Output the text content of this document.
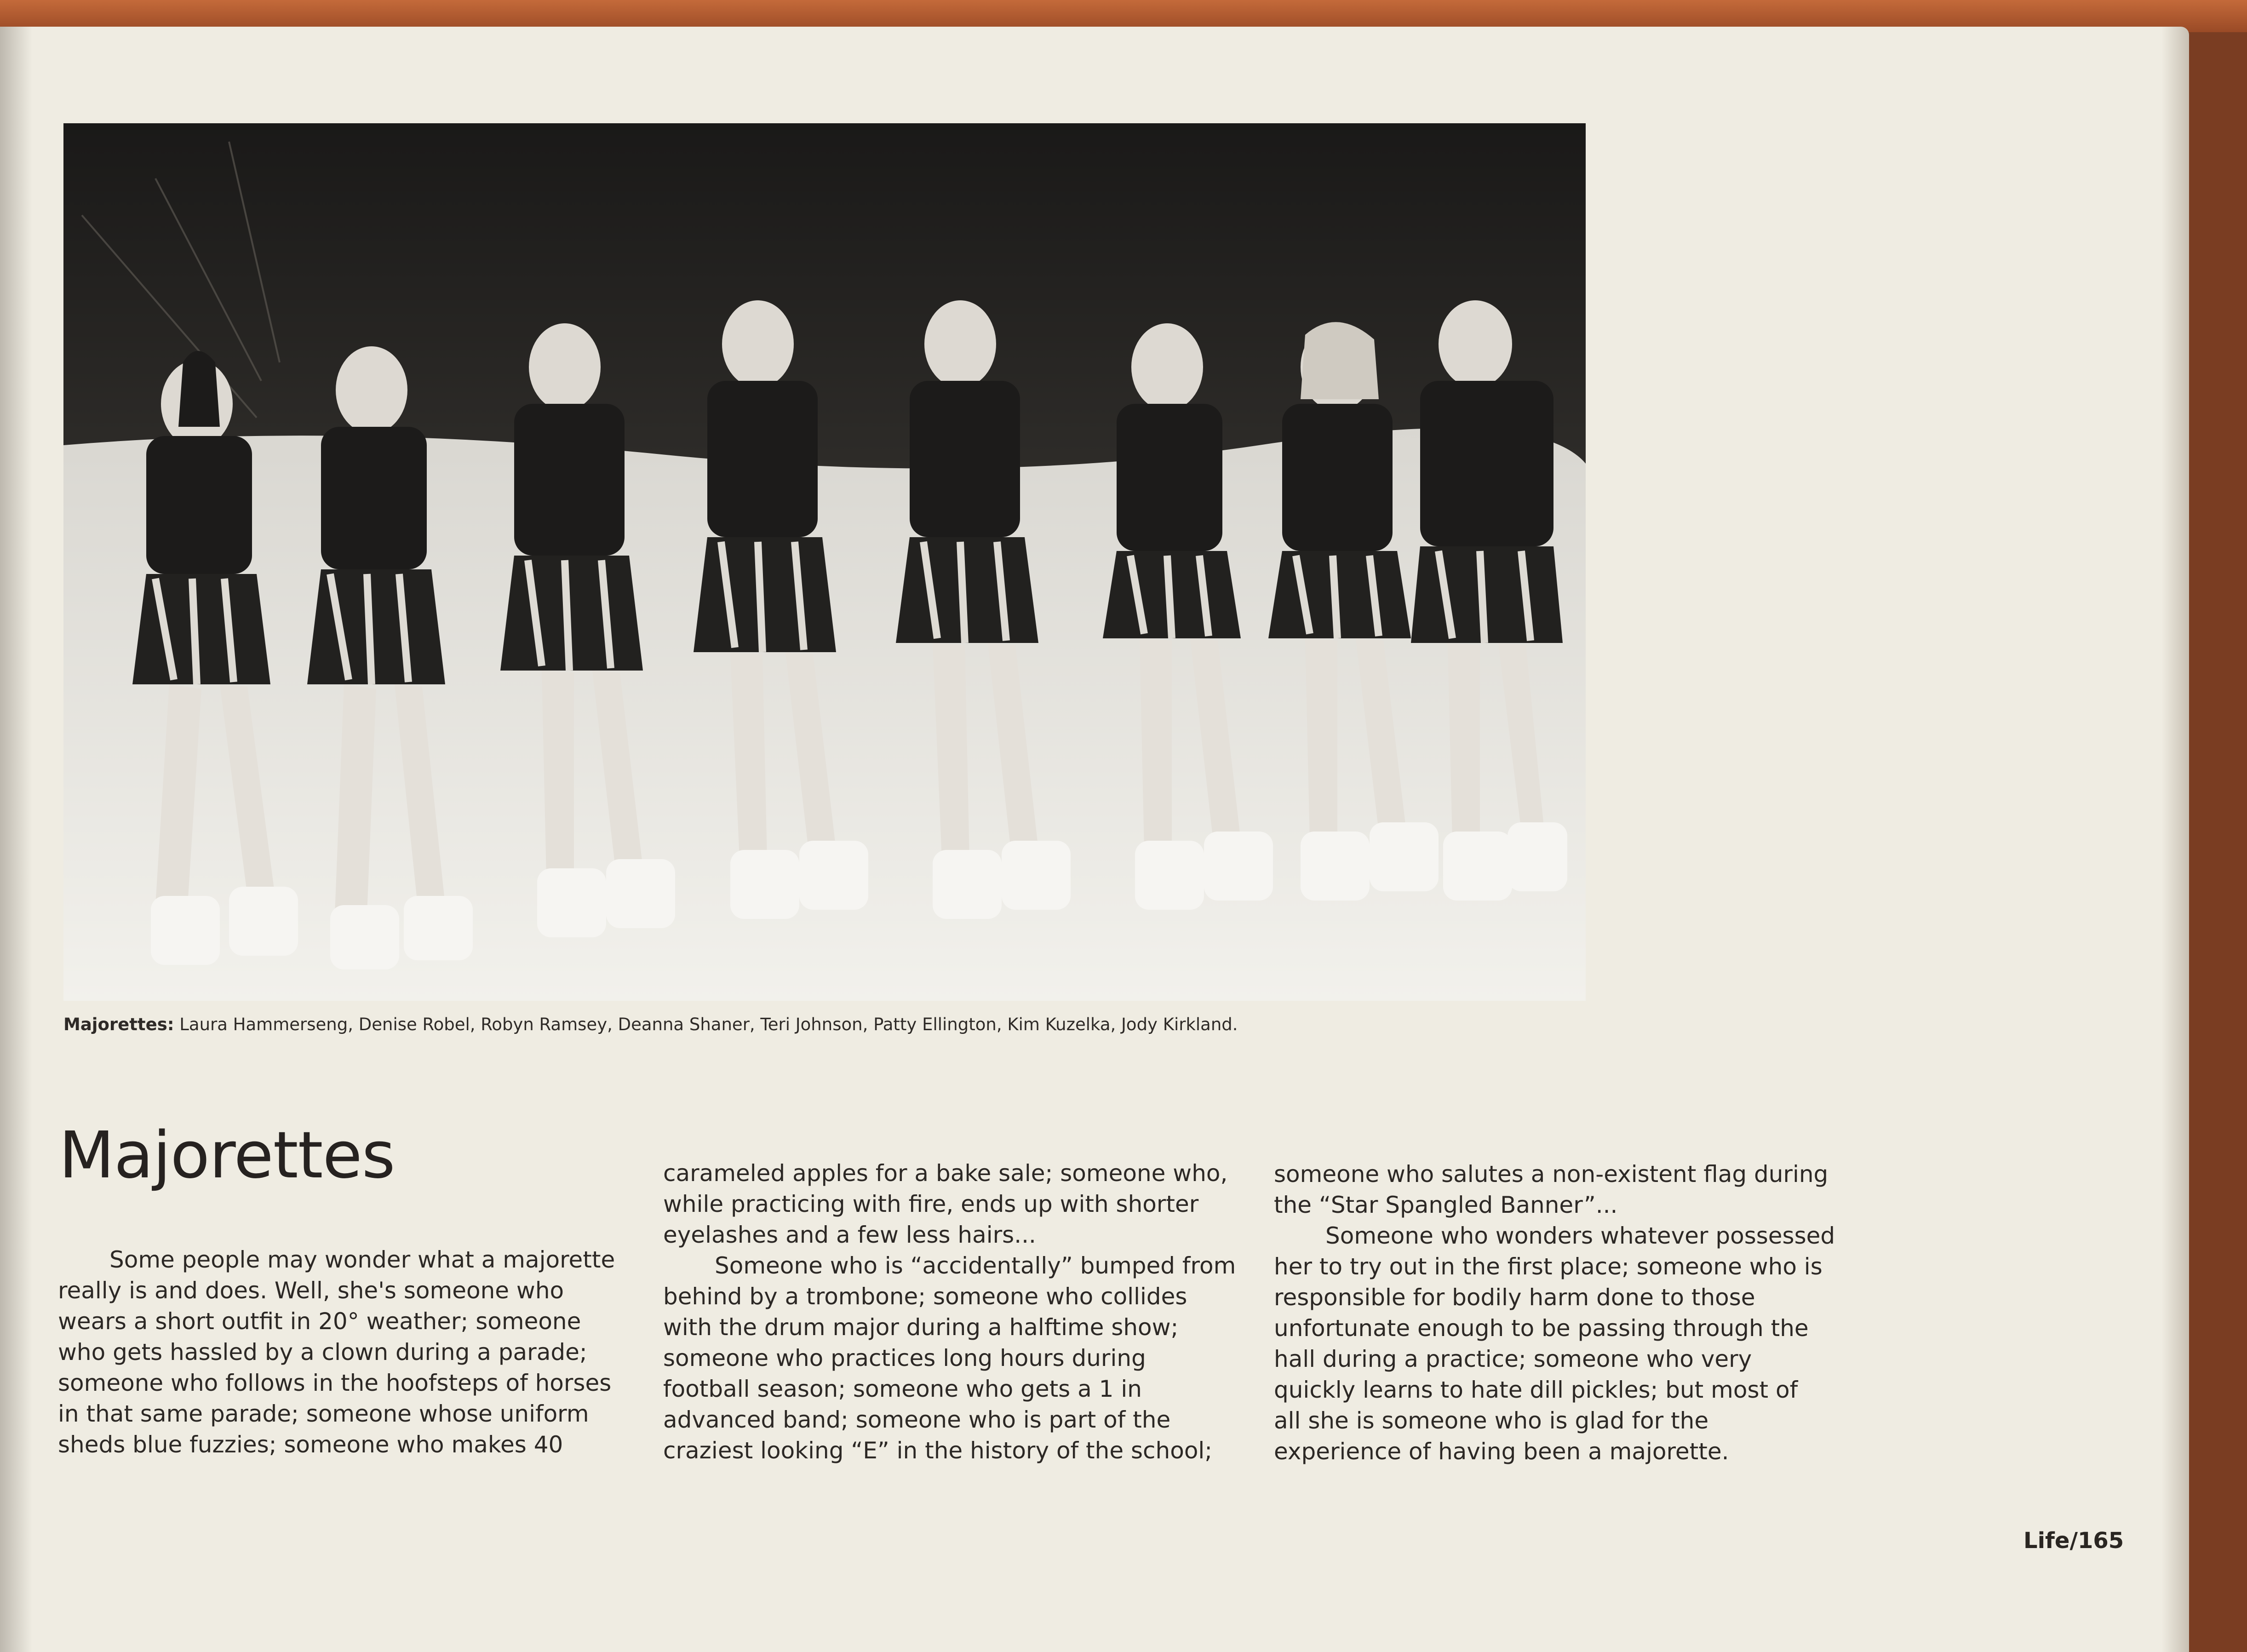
Majorettes: Laura Hammerseng, Denise Robel, Robyn Ramsey, Deanna Shaner, Teri Johnson, Patty Ellington, Kim Kuzelka, Jody Kirkland.
Majorettes

Some people may wonder what a majorette

really is and does. Well, she's someone who

wears a short outfit in 20° weather; someone

who gets hassled by a clown during a parade;

someone who follows in the hoofsteps of horses

in that same parade; someone whose uniform

sheds blue fuzzies; someone who makes 40

carameled apples for a bake sale; someone who,

while practicing with fire, ends up with shorter

eyelashes and a few less hairs...

Someone who is “accidentally” bumped from

behind by a trombone; someone who collides

with the drum major during a halftime show;

someone who practices long hours during

football season; someone who gets a 1 in

advanced band; someone who is part of the

craziest looking “E” in the history of the school;

someone who salutes a non-existent flag during

the “Star Spangled Banner”...

Someone who wonders whatever possessed

her to try out in the first place; someone who is

responsible for bodily harm done to those

unfortunate enough to be passing through the

hall during a practice; someone who very

quickly learns to hate dill pickles; but most of

all she is someone who is glad for the

experience of having been a majorette.

Life/165
